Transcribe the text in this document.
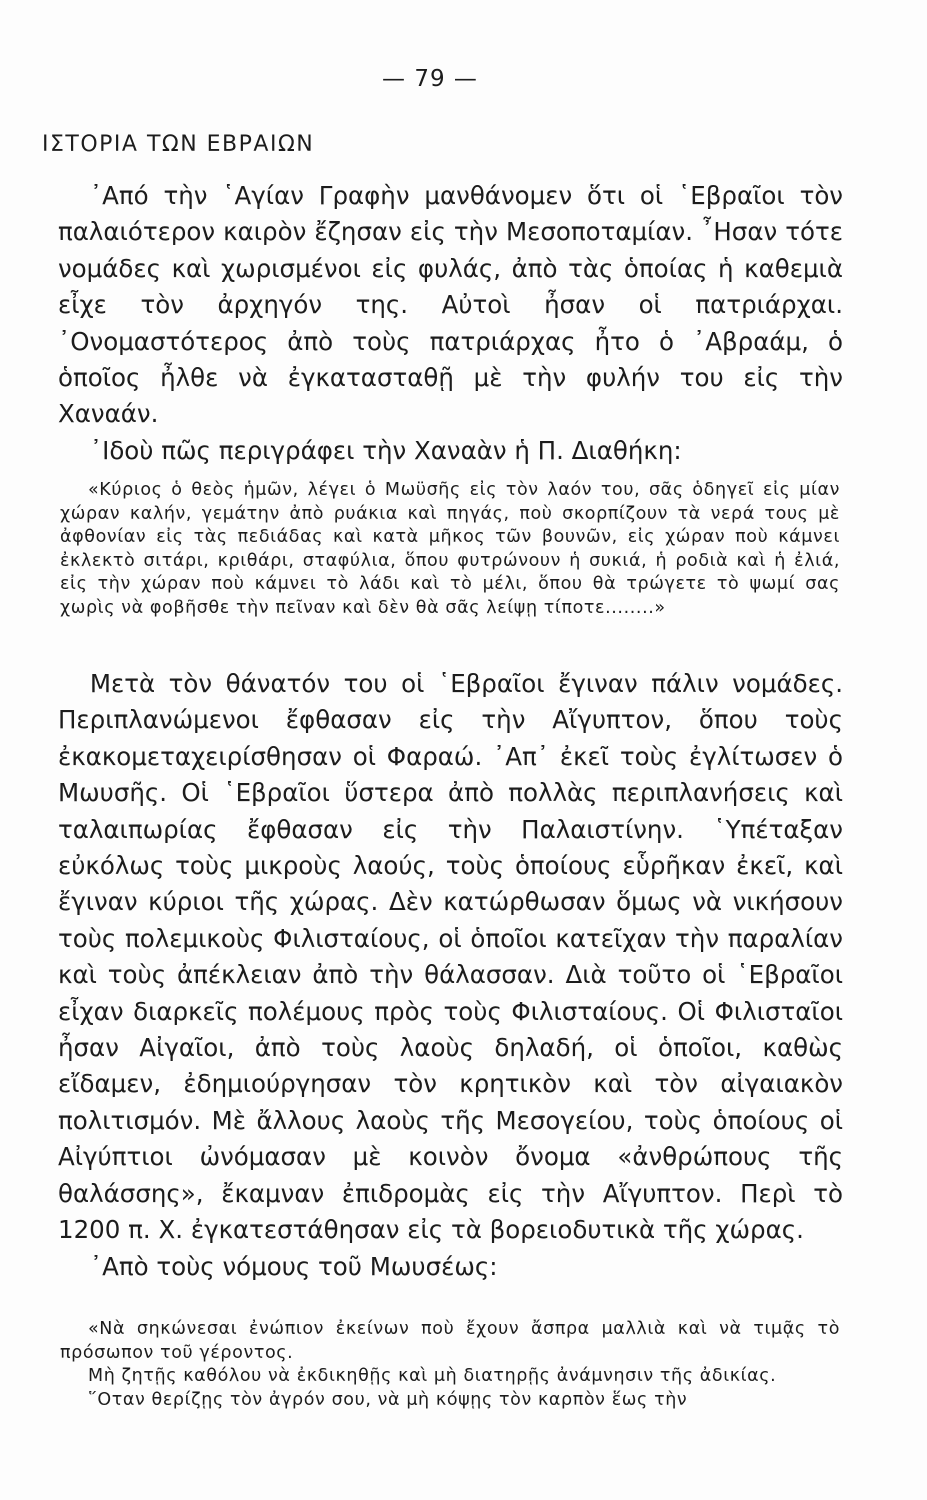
— 79 —
ΙΣΤΟΡΙΑ ΤΩΝ ΕΒΡΑΙΩΝ

᾿Από τὴν ῾Αγίαν Γραφὴν μανθάνομεν ὅτι οἱ ῾Εβραῖοι τὸν παλαιότερον καιρὸν ἔζησαν εἰς τὴν Μεσοποταμίαν. ῏Ησαν τότε νομάδες καὶ χωρισμένοι εἰς φυλάς, ἀπὸ τὰς ὁποίας ἡ καθεμιὰ εἶχε τὸν ἀρχηγόν της. Αὐτοὶ ἦσαν οἱ πατριάρχαι. ᾿Ονομαστότερος ἀπὸ τοὺς πατριάρχας ἦτο ὁ ᾿Αβραάμ, ὁ ὁποῖος ἦλθε νὰ ἐγκατασταθῇ μὲ τὴν φυλήν του εἰς τὴν Χαναάν.

᾿Ιδοὺ πῶς περιγράφει τὴν Χαναὰν ἡ Π. Διαθήκη:

«Κύριος ὁ θεὸς ἡμῶν, λέγει ὁ Μωϋσῆς εἰς τὸν λαόν του, σᾶς ὁδηγεῖ εἰς μίαν χώραν καλήν, γεμάτην ἀπὸ ρυάκια καὶ πηγάς, ποὺ σκορπίζουν τὰ νερά τους μὲ ἀφθονίαν εἰς τὰς πεδιάδας καὶ κατὰ μῆκος τῶν βουνῶν, εἰς χώραν ποὺ κάμνει ἐκλεκτὸ σιτάρι, κριθάρι, σταφύλια, ὅπου φυτρώνουν ἡ συκιά, ἡ ροδιὰ καὶ ἡ ἐλιά, εἰς τὴν χώραν ποὺ κάμνει τὸ λάδι καὶ τὸ μέλι, ὅπου θὰ τρώγετε τὸ ψωμί σας χωρὶς νὰ φοβῆσθε τὴν πεῖναν καὶ δὲν θὰ σᾶς λείψῃ τίποτε........»

Μετὰ τὸν θάνατόν του οἱ ῾Εβραῖοι ἔγιναν πάλιν νομάδες. Περιπλανώμενοι ἔφθασαν εἰς τὴν Αἴγυπτον, ὅπου τοὺς ἐκακομεταχειρίσθησαν οἱ Φαραώ. ᾿Απ᾿ ἐκεῖ τοὺς ἐγλίτωσεν ὁ Μωυσῆς. Οἱ ῾Εβραῖοι ὕστερα ἀπὸ πολλὰς περιπλανήσεις καὶ ταλαιπωρίας ἔφθασαν εἰς τὴν Παλαιστίνην. ῾Υπέταξαν εὐκόλως τοὺς μικροὺς λαούς, τοὺς ὁποίους εὗρῆκαν ἐκεῖ, καὶ ἔγιναν κύριοι τῆς χώρας. Δὲν κατώρθωσαν ὅμως νὰ νικήσουν τοὺς πολεμικοὺς Φιλισταίους, οἱ ὁποῖοι κατεῖχαν τὴν παραλίαν καὶ τοὺς ἀπέκλειαν ἀπὸ τὴν θάλασσαν. Διὰ τοῦτο οἱ ῾Εβραῖοι εἶχαν διαρκεῖς πολέμους πρὸς τοὺς Φιλισταίους. Οἱ Φιλισταῖοι ἦσαν Αἰγαῖοι, ἀπὸ τοὺς λαοὺς δηλαδή, οἱ ὁποῖοι, καθὼς εἴδαμεν, ἐδημιούργησαν τὸν κρητικὸν καὶ τὸν αἰγαιακὸν πολιτισμόν. Μὲ ἄλλους λαοὺς τῆς Μεσογείου, τοὺς ὁποίους οἱ Αἰγύπτιοι ὠνόμασαν μὲ κοινὸν ὄνομα «ἀνθρώπους τῆς θαλάσσης», ἔκαμναν ἐπιδρομὰς εἰς τὴν Αἴγυπτον. Περὶ τὸ 1200 π. Χ. ἐγκατεστάθησαν εἰς τὰ βορειοδυτικὰ τῆς χώρας.

᾿Απὸ τοὺς νόμους τοῦ Μωυσέως:

«Νὰ σηκώνεσαι ἐνώπιον ἐκείνων ποὺ ἔχουν ἄσπρα μαλλιὰ καὶ νὰ τιμᾷς τὸ πρόσωπον τοῦ γέροντος.

Μὴ ζητῇς καθόλου νὰ ἐκδικηθῇς καὶ μὴ διατηρῇς ἀνάμνησιν τῆς ἀδικίας.

῞Οταν θερίζῃς τὸν ἀγρόν σου, νὰ μὴ κόψῃς τὸν καρπὸν ἕως τὴν
